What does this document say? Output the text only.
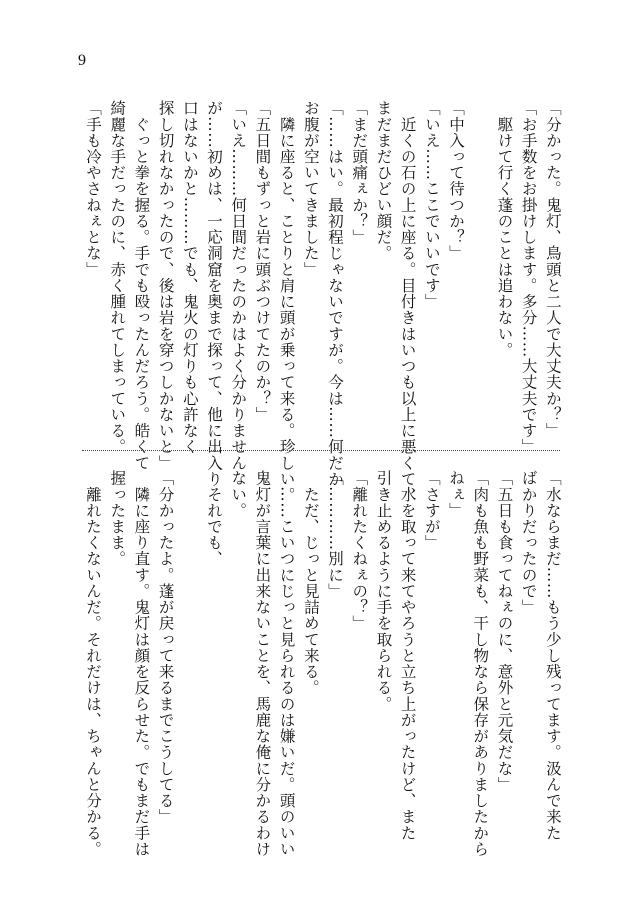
9
「分かった。鬼灯、鳥頭と二人で大丈夫か？」
「お手数をお掛けします。多分……大丈夫です」
　駆けて行く蓬のことは追わない。
「中入って待つか？」
「いえ……ここでいいです」
　近くの石の上に座る。目付きはいつも以上に悪くて、
まだまだひどい顔だ。
「まだ頭痛ぇか？」
「……はい。最初程じゃないですが。今は……何だか
お腹が空いてきました」
　隣に座ると、ことりと肩に頭が乗って来る。珍しい。
「五日間もずっと岩に頭ぶつけてたのか？」
「いえ………何日間だったのかはよく分かりません
が……初めは、一応洞窟を奥まで探って、他に出入り
口はないかと………でも、鬼火の灯りも心許なく
探し切れなかったので、後は岩を穿つしかないと」
　ぐっと拳を握る。手でも殴ったんだろう。皓くて
綺麗な手だったのに、赤く腫れてしまっている。
「手も冷やさねぇとな」
「水ならまだ……もう少し残ってます。汲んで来た
ばかりだったので」
「五日も食ってねぇのに、意外と元気だな」
「肉も魚も野菜も、干し物なら保存がありましたから
ねぇ」
「さすが」
　水を取って来てやろうと立ち上がったけど、また
引き止めるように手を取られる。
「離れたくねぇの？」
「…………別に」
　ただ、じっと見詰めて来る。
　……こいつにじっと見られるのは嫌いだ。頭のいい
鬼灯が言葉に出来ないことを、馬鹿な俺に分かるわけ
ない。
　それでも、
「分かったよ。蓬が戻って来るまでこうしてる」
　隣に座り直す。鬼灯は顔を反らせた。でもまだ手は
握ったまま。
　離れたくないんだ。それだけは、ちゃんと分かる。
